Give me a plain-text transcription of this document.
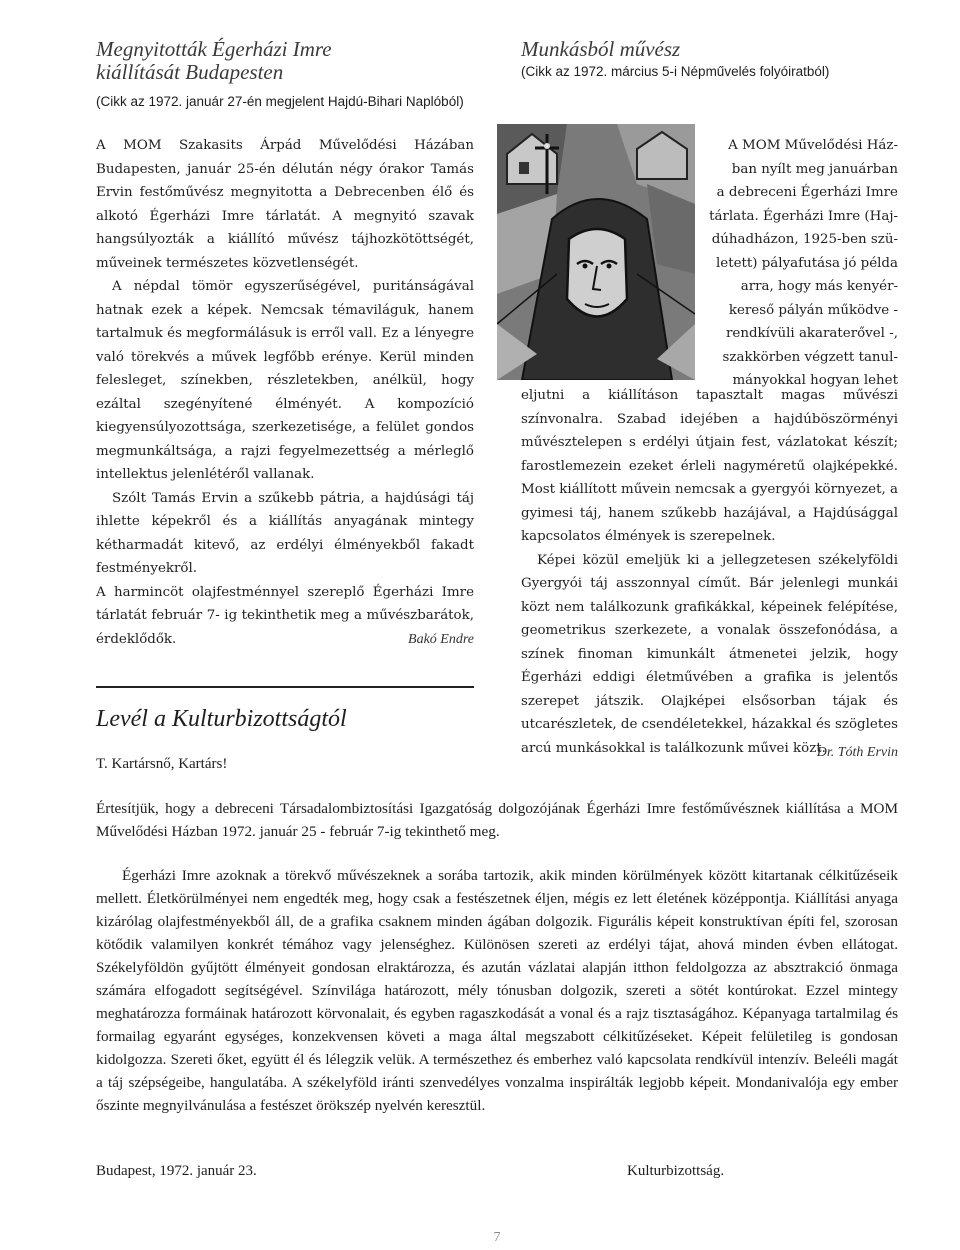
Megnyitották Égerházi Imre
kiállítását Budapesten
(Cikk az 1972. január 27-én megjelent Hajdú-Bihari Naplóból)

A MOM Szakasits Árpád Művelődési Házában Budapesten, január 25-én délután négy órakor Tamás Ervin festőművész megnyitotta a Debrecenben élő és alkotó Égerházi Imre tárlatát. A megnyitó szavak hangsúlyozták a kiállító művész tájhozkötöttségét, műveinek természetes közvetlenségét.

A népdal tömör egyszerűségével, puritánságával hatnak ezek a képek. Nemcsak témaviláguk, hanem tartalmuk és megformálásuk is erről vall. Ez a lényegre való törekvés a művek legfőbb erénye. Kerül minden felesleget, színekben, részletekben, anélkül, hogy ezáltal szegényítené élményét. A kompozíció kiegyensúlyozottsága, szerkezetisége, a felület gondos megmunkáltsága, a rajzi fegyelmezettség a mérleglő intellektus jelenlétéről vallanak.

Szólt Tamás Ervin a szűkebb pátria, a hajdúsági táj ihlette képekről és a kiállítás anyagának mintegy kétharmadát kitevő, az erdélyi élményekből fakadt festményekről.

A harmincöt olajfestménnyel szereplő Égerházi Imre tárlatát február 7- ig tekinthetik meg a művészbarátok, érdeklődők.	Bakó Endre
Levél a Kulturbizottságtól
T. Kartársnő, Kartárs!
Munkásból művész
(Cikk az 1972. március 5-i Népművelés folyóiratból)
A MOM Művelődési Ház-
ban nyílt meg januárban
a debreceni Égerházi Imre
tárlata. Égerházi Imre (Haj-
dúhadházon, 1925-ben szü-
letett) pályafutása jó példa
arra, hogy más kenyér-
kereső pályán működve -
rendkívüli akaraterővel -,
szakkörben végzett tanul-
mányokkal hogyan lehet

eljutni a kiállításon tapasztalt magas művészi színvonalra. Szabad idejében a hajdúböszörményi művésztelepen s erdélyi útjain fest, vázlatokat készít; farostlemezein ezeket érleli nagyméretű olajképekké. Most kiállított művein nemcsak a gyergyói környezet, a gyimesi táj, hanem szűkebb hazájával, a Hajdúsággal kapcsolatos élmények is szerepelnek.

Képei közül emeljük ki a jellegzetesen székelyföldi Gyergyói táj asszonnyal címűt. Bár jelenlegi munkái közt nem találkozunk grafikákkal, képeinek felépítése, geometrikus szerkezete, a vonalak összefonódása, a színek finoman kimunkált átmenetei jelzik, hogy Égerházi eddigi életművében a grafika is jelentős szerepet játszik. Olajképei elsősorban tájak és utcarészletek, de csendéletekkel, házakkal és szögletes arcú munkásokkal is találkozunk művei közt.

Dr. Tóth Ervin
Értesítjük, hogy a debreceni Társadalombiztosítási Igazgatóság dolgozójának Égerházi Imre festőművésznek kiállítása a MOM Művelődési Házban 1972. január 25 - február 7-ig tekinthető meg.
Égerházi Imre azoknak a törekvő művészeknek a sorába tartozik, akik minden körülmények között kitartanak célkitűzéseik mellett. Életkörülményei nem engedték meg, hogy csak a festészetnek éljen, mégis ez lett életének középpontja. Kiállítási anyaga kizárólag olajfestményekből áll, de a grafika csaknem minden ágában dolgozik. Figurális képeit konstruktívan építi fel, szorosan kötődik valamilyen konkrét témához vagy jelenséghez. Különösen szereti az erdélyi tájat, ahová minden évben ellátogat. Székelyföldön gyűjtött élményeit gondosan elraktározza, és azután vázlatai alapján itthon feldolgozza az absztrakció önmaga számára elfogadott segítségével. Színvilága határozott, mély tónusban dolgozik, szereti a sötét kontúrokat. Ezzel mintegy meghatározza formáinak határozott körvonalait, és egyben ragaszkodását a vonal és a rajz tisztaságához. Képanyaga tartalmilag és formailag egyaránt egységes, konzekvensen követi a maga által megszabott célkitűzéseket. Képeit felületileg is gondosan kidolgozza. Szereti őket, együtt él és lélegzik velük. A természethez és emberhez való kapcsolata rendkívül intenzív. Beleéli magát a táj szépségeibe, hangulatába. A székelyföld iránti szenvedélyes vonzalma inspirálták legjobb képeit. Mondanivalója egy ember őszinte megnyilvánulása a festészet örökszép nyelvén keresztül.
Budapest, 1972. január 23.	Kulturbizottság.
7
